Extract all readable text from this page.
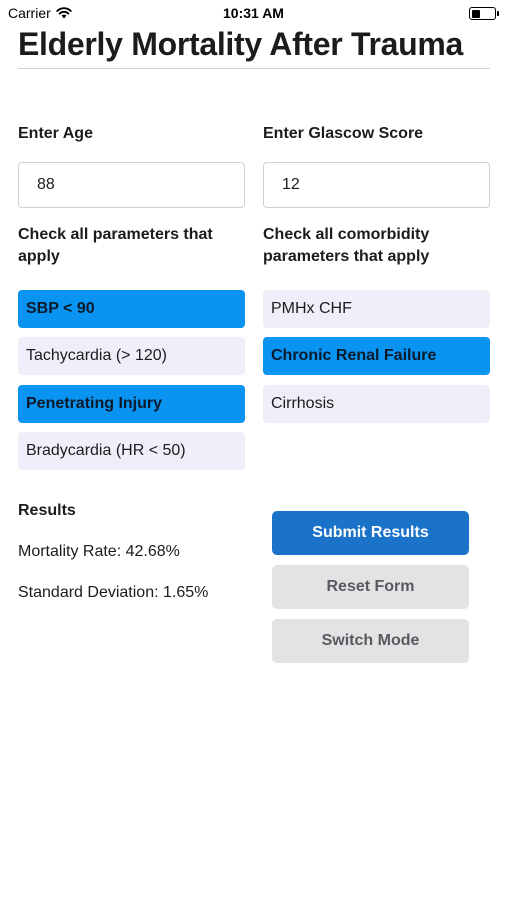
Carrier	10:31 AM
Elderly Mortality After Trauma
Enter Age	Enter Glascow Score
88	12
Check all parameters that apply
Check all comorbidity parameters that apply
SBP < 90
Tachycardia (> 120)
Penetrating Injury
Bradycardia (HR < 50)
PMHx CHF
Chronic Renal Failure
Cirrhosis
Results
Mortality Rate: 42.68%
Standard Deviation: 1.65%
Submit Results
Reset Form
Switch Mode
